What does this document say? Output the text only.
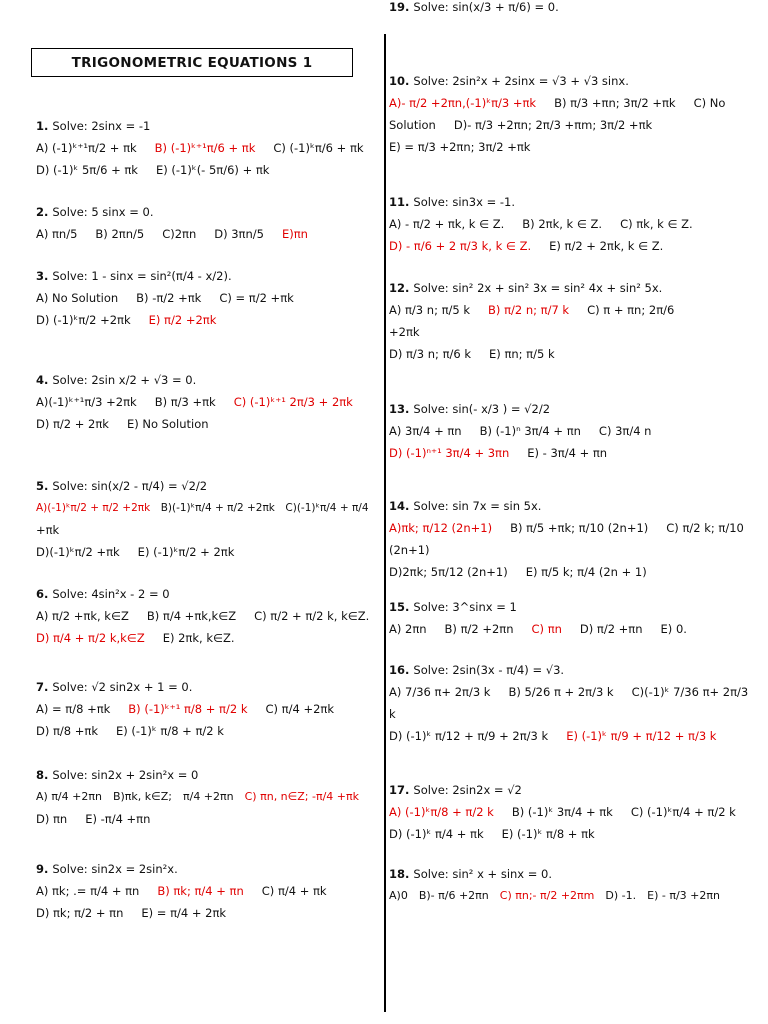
TRIGONOMETRIC EQUATIONS 1
1. Solve: 2sinx = -1
A) (-1)ᵏ⁺¹π/2 + πk B) (-1)ᵏ⁺¹π/6 + πk C) (-1)ᵏπ/6 + πk
D) (-1)ᵏ 5π/6 + πk E) (-1)ᵏ(- 5π/6) + πk
2. Solve: 5 sinx = 0.
A) πn/5 B) 2πn/5 C)2πn D) 3πn/5 E)πn
3. Solve: 1 - sinx = sin²(π/4 - x/2).
A) No Solution B) -π/2 +πk C) = π/2 +πk
D) (-1)ᵏπ/2 +2πk E) π/2 +2πk
4. Solve: 2sin x/2 + √3 = 0.
A)(-1)ᵏ⁺¹π/3 +2πk B) π/3 +πk C) (-1)ᵏ⁺¹ 2π/3 + 2πk
D) π/2 + 2πk E) No Solution
5. Solve: sin(x/2 - π/4) = √2/2
A)(-1)ᵏπ/2 + π/2 +2πk B)(-1)ᵏπ/4 + π/2 +2πk C)(-1)ᵏπ/4 + π/4
+πk
D)(-1)ᵏπ/2 +πk E) (-1)ᵏπ/2 + 2πk
6. Solve: 4sin²x - 2 = 0
A) π/2 +πk, k∈Z B) π/4 +πk,k∈Z C) π/2 + π/2 k, k∈Z.
D) π/4 + π/2 k,k∈Z E) 2πk, k∈Z.
7. Solve: √2 sin2x + 1 = 0.
A) = π/8 +πk B) (-1)ᵏ⁺¹ π/8 + π/2 k C) π/4 +2πk
D) π/8 +πk E) (-1)ᵏ π/8 + π/2 k
8. Solve: sin2x + 2sin²x = 0
A) π/4 +2πn B)πk, k∈Z; π/4 +2πn C) πn, n∈Z; -π/4 +πk
D) πn E) -π/4 +πn
9. Solve: sin2x = 2sin²x.
A) πk; .= π/4 + πn B) πk; π/4 + πn C) π/4 + πk
D) πk; π/2 + πn E) = π/4 + 2πk
10. Solve: 2sin²x + 2sinx = √3 + √3 sinx.
A)- π/2 +2πn,(-1)ᵏπ/3 +πk B) π/3 +πn; 3π/2 +πk C) No
Solution D)- π/3 +2πn; 2π/3 +πm; 3π/2 +πk
E) = π/3 +2πn; 3π/2 +πk
11. Solve: sin3x = -1.
A) - π/2 + πk, k ∈ Z. B) 2πk, k ∈ Z. C) πk, k ∈ Z.
D) - π/6 + 2 π/3 k, k ∈ Z. E) π/2 + 2πk, k ∈ Z.
12. Solve: sin² 2x + sin² 3x = sin² 4x + sin² 5x.
A) π/3 n; π/5 k B) π/2 n; π/7 k C) π + πn; 2π/6
+2πk
D) π/3 n; π/6 k E) πn; π/5 k
13. Solve: sin(- x/3 ) = √2/2
A) 3π/4 + πn B) (-1)ⁿ 3π/4 + πn C) 3π/4 n
D) (-1)ⁿ⁺¹ 3π/4 + 3πn E) - 3π/4 + πn
14. Solve: sin 7x = sin 5x.
A)πk; π/12 (2n+1) B) π/5 +πk; π/10 (2n+1) C) π/2 k; π/10
(2n+1)
D)2πk; 5π/12 (2n+1) E) π/5 k; π/4 (2n + 1)
15. Solve: 3^sinx = 1
A) 2πn B) π/2 +2πn C) πn D) π/2 +πn E) 0.
16. Solve: 2sin(3x - π/4) = √3.
A) 7/36 π+ 2π/3 k B) 5/26 π + 2π/3 k C)(-1)ᵏ 7/36 π+ 2π/3
k
D) (-1)ᵏ π/12 + π/9 + 2π/3 k E) (-1)ᵏ π/9 + π/12 + π/3 k
17. Solve: 2sin2x = √2
A) (-1)ᵏπ/8 + π/2 k B) (-1)ᵏ 3π/4 + πk C) (-1)ᵏπ/4 + π/2 k
D) (-1)ᵏ π/4 + πk E) (-1)ᵏ π/8 + πk
18. Solve: sin² x + sinx = 0.
A)0 B)- π/6 +2πn C) πn;- π/2 +2πm D) -1. E) - π/3 +2πn
19. Solve: sin(x/3 + π/6) = 0.
